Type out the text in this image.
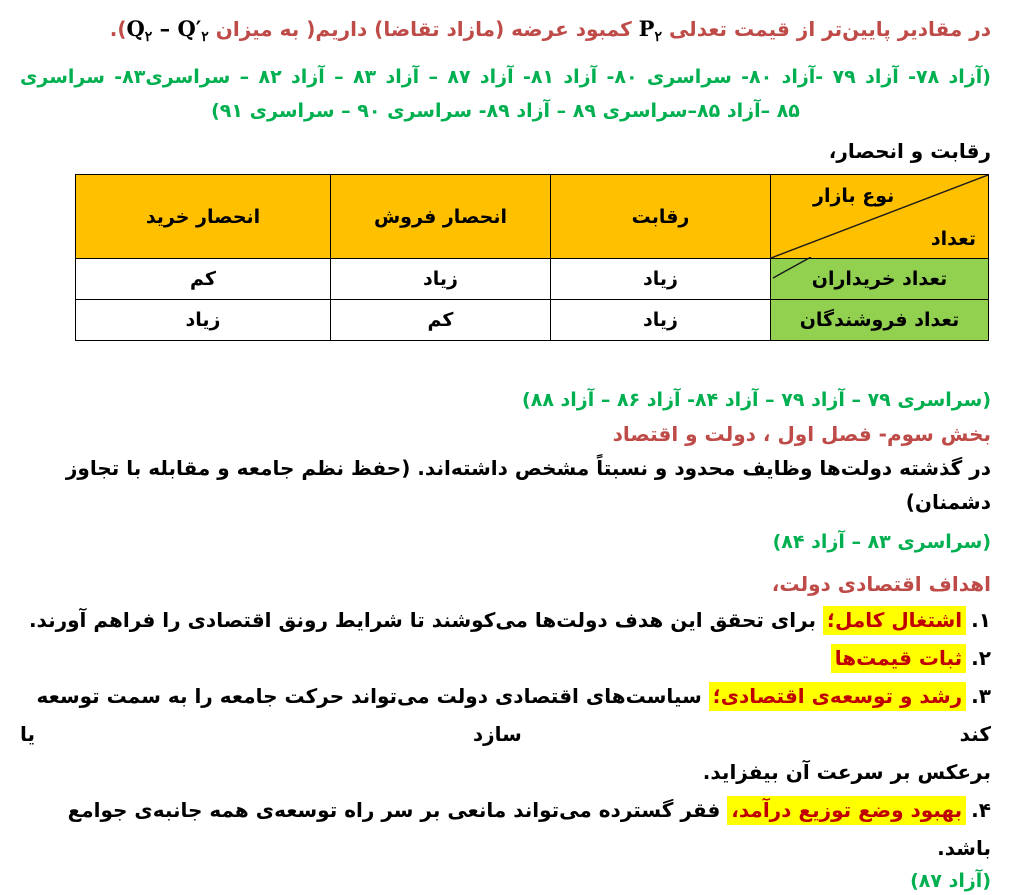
در مقادیر پایین‌تر از قیمت تعدلی $P_۲$ کمبود عرضه (مازاد تقاضا) داریم( به میزان $Q_۲ - Q'_۲$).
(آزاد ۷۸- آزاد ۷۹ -آزاد ۸۰- سراسری ۸۰- آزاد ۸۱- آزاد ۸۷ – آزاد ۸۳ – آزاد ۸۲ – سراسری۸۳- سراسری
۸۵ –آزاد ۸۵–سراسری ۸۹ – آزاد ۸۹- سراسری ۹۰ – سراسری ۹۱)
رقابت و انحصار،
نوع بازار
تعداد	رقابت	انحصار فروش	انحصار خرید

تعداد خریداران	زیاد	زیاد	کم
تعداد فروشندگان	زیاد	کم	زیاد
(سراسری ۷۹ – آزاد ۷۹ – آزاد ۸۴- آزاد ۸۶ – آزاد ۸۸)
بخش سوم- فصل اول ، دولت و اقتصاد
در گذشته دولت‌ها وظایف محدود و نسبتاً مشخص داشته‌اند. (حفظ نظم جامعه و مقابله با تجاوز دشمنان)
(سراسری ۸۳ – آزاد ۸۴)
اهداف اقتصادی دولت،
۱.اشتغال کامل؛ برای تحقق این هدف دولت‌ها می‌کوشند تا شرایط رونق اقتصادی را فراهم آورند.
۲.ثبات قیمت‌ها
۳.رشد و توسعه‌ی اقتصادی؛ سیاست‌های اقتصادی دولت می‌تواند حرکت جامعه را به سمت توسعه کند سازد یا
برعکس بر سرعت آن بیفزاید.
۴.بهبود وضع توزیع درآمد، فقر گسترده می‌تواند مانعی بر سر راه توسعه‌ی همه جانبه‌ی جوامع باشد.
(آزاد ۸۷)
